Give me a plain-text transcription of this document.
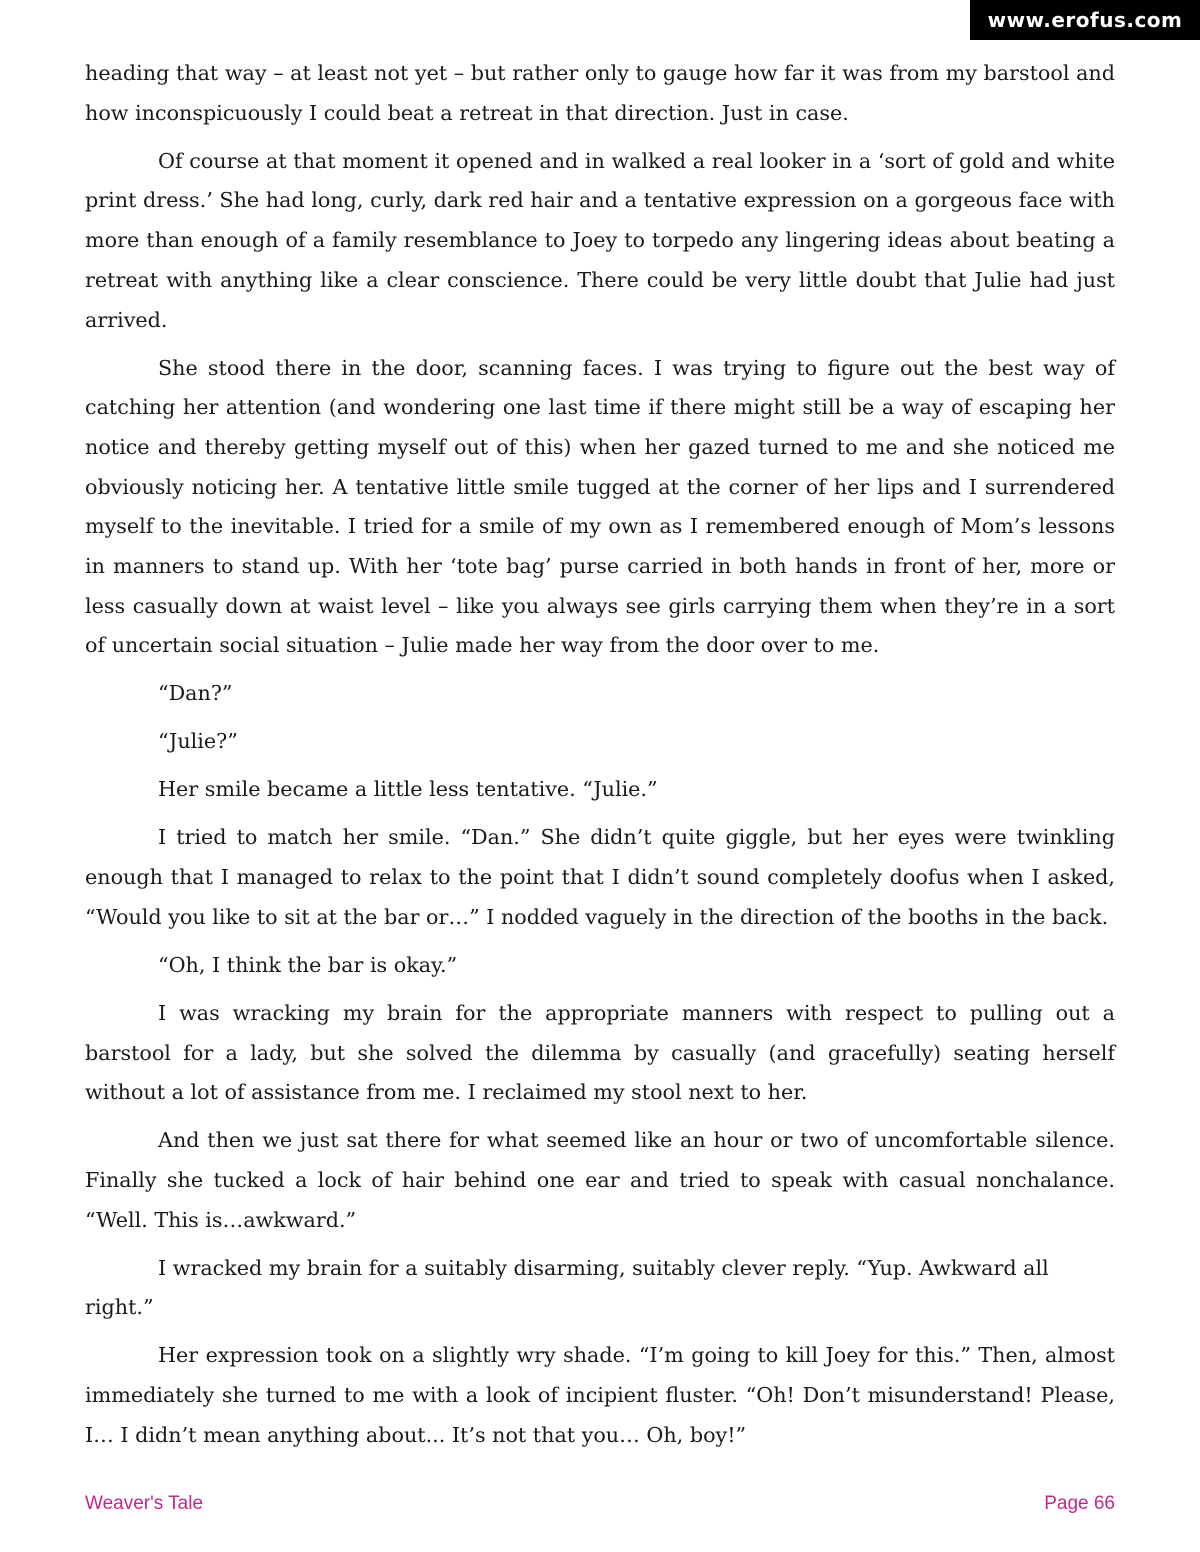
www.erofus.com

heading that way – at least not yet – but rather only to gauge how far it was from my barstool and how inconspicuously I could beat a retreat in that direction. Just in case.

Of course at that moment it opened and in walked a real looker in a ‘sort of gold and white print dress.’ She had long, curly, dark red hair and a tentative expression on a gorgeous face with more than enough of a family resemblance to Joey to torpedo any lingering ideas about beating a retreat with anything like a clear conscience. There could be very little doubt that Julie had just arrived.

She stood there in the door, scanning faces. I was trying to figure out the best way of catching her attention (and wondering one last time if there might still be a way of escaping her notice and thereby getting myself out of this) when her gazed turned to me and she noticed me obviously noticing her. A tentative little smile tugged at the corner of her lips and I surrendered myself to the inevitable. I tried for a smile of my own as I remembered enough of Mom’s lessons in manners to stand up. With her ‘tote bag’ purse carried in both hands in front of her, more or less casually down at waist level – like you always see girls carrying them when they’re in a sort of uncertain social situation – Julie made her way from the door over to me.

“Dan?”

“Julie?”

Her smile became a little less tentative. “Julie.”

I tried to match her smile. “Dan.” She didn’t quite giggle, but her eyes were twinkling enough that I managed to relax to the point that I didn’t sound completely doofus when I asked, “Would you like to sit at the bar or…” I nodded vaguely in the direction of the booths in the back.

“Oh, I think the bar is okay.”

I was wracking my brain for the appropriate manners with respect to pulling out a barstool for a lady, but she solved the dilemma by casually (and gracefully) seating herself without a lot of assistance from me. I reclaimed my stool next to her.

And then we just sat there for what seemed like an hour or two of uncomfortable silence. Finally she tucked a lock of hair behind one ear and tried to speak with casual nonchalance. “Well. This is…awkward.”

I wracked my brain for a suitably disarming, suitably clever reply. “Yup. Awkward all right.”

Her expression took on a slightly wry shade. “I’m going to kill Joey for this.” Then, almost immediately she turned to me with a look of incipient fluster. “Oh! Don’t misunderstand! Please, I… I didn’t mean anything about... It’s not that you… Oh, boy!”

Weaver's Tale	Page 66
